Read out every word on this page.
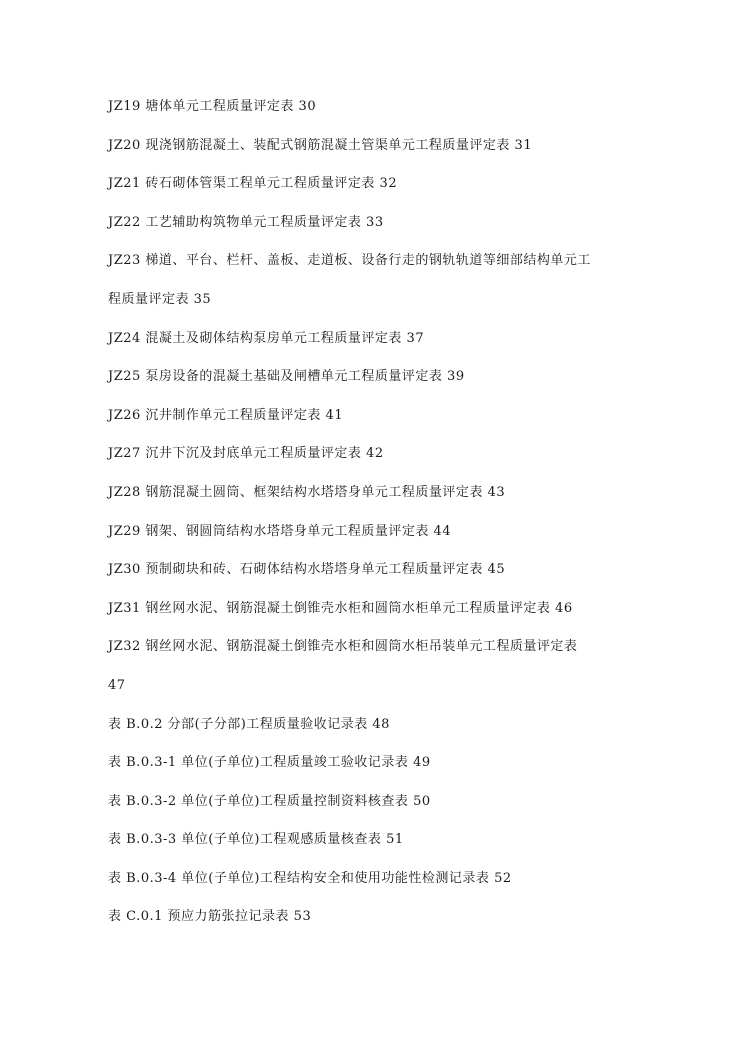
JZ19 塘体单元工程质量评定表 30
JZ20 现浇钢筋混凝土、装配式钢筋混凝土管渠单元工程质量评定表 31
JZ21 砖石砌体管渠工程单元工程质量评定表 32
JZ22 工艺辅助构筑物单元工程质量评定表 33
JZ23 梯道、平台、栏杆、盖板、走道板、设备行走的钢轨轨道等细部结构单元工
程质量评定表 35
JZ24 混凝土及砌体结构泵房单元工程质量评定表 37
JZ25 泵房设备的混凝土基础及闸槽单元工程质量评定表 39
JZ26 沉井制作单元工程质量评定表 41
JZ27 沉井下沉及封底单元工程质量评定表 42
JZ28 钢筋混凝土圆筒、框架结构水塔塔身单元工程质量评定表 43
JZ29 钢架、钢圆筒结构水塔塔身单元工程质量评定表 44
JZ30 预制砌块和砖、石砌体结构水塔塔身单元工程质量评定表 45
JZ31 钢丝网水泥、钢筋混凝土倒锥壳水柜和圆筒水柜单元工程质量评定表 46
JZ32 钢丝网水泥、钢筋混凝土倒锥壳水柜和圆筒水柜吊装单元工程质量评定表
47
表 B.0.2 分部(子分部)工程质量验收记录表 48
表 B.0.3-1 单位(子单位)工程质量竣工验收记录表 49
表 B.0.3-2 单位(子单位)工程质量控制资料核查表 50
表 B.0.3-3 单位(子单位)工程观感质量核查表 51
表 B.0.3-4 单位(子单位)工程结构安全和使用功能性检测记录表 52
表 C.0.1 预应力筋张拉记录表 53
